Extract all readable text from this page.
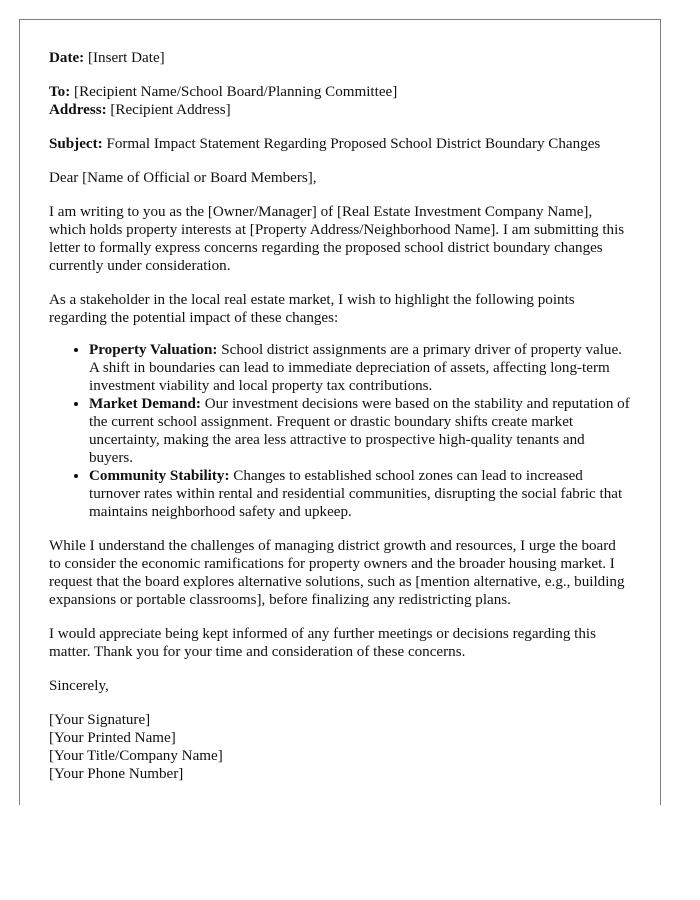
Date: [Insert Date]

To: [Recipient Name/School Board/Planning Committee]

Address: [Recipient Address]

Subject: Formal Impact Statement Regarding Proposed School District Boundary Changes

Dear [Name of Official or Board Members],

I am writing to you as the [Owner/Manager] of [Real Estate Investment Company Name], which holds property interests at [Property Address/Neighborhood Name]. I am submitting this letter to formally express concerns regarding the proposed school district boundary changes currently under consideration.

As a stakeholder in the local real estate market, I wish to highlight the following points regarding the potential impact of these changes:

• Property Valuation: School district assignments are a primary driver of property value. A shift in boundaries can lead to immediate depreciation of assets, affecting long-term investment viability and local property tax contributions.
• Market Demand: Our investment decisions were based on the stability and reputation of the current school assignment. Frequent or drastic boundary shifts create market uncertainty, making the area less attractive to prospective high-quality tenants and buyers.
• Community Stability: Changes to established school zones can lead to increased turnover rates within rental and residential communities, disrupting the social fabric that maintains neighborhood safety and upkeep.

While I understand the challenges of managing district growth and resources, I urge the board to consider the economic ramifications for property owners and the broader housing market. I request that the board explores alternative solutions, such as [mention alternative, e.g., building expansions or portable classrooms], before finalizing any redistricting plans.

I would appreciate being kept informed of any further meetings or decisions regarding this matter. Thank you for your time and consideration of these concerns.

Sincerely,

[Your Signature]
[Your Printed Name]
[Your Title/Company Name]
[Your Phone Number]
